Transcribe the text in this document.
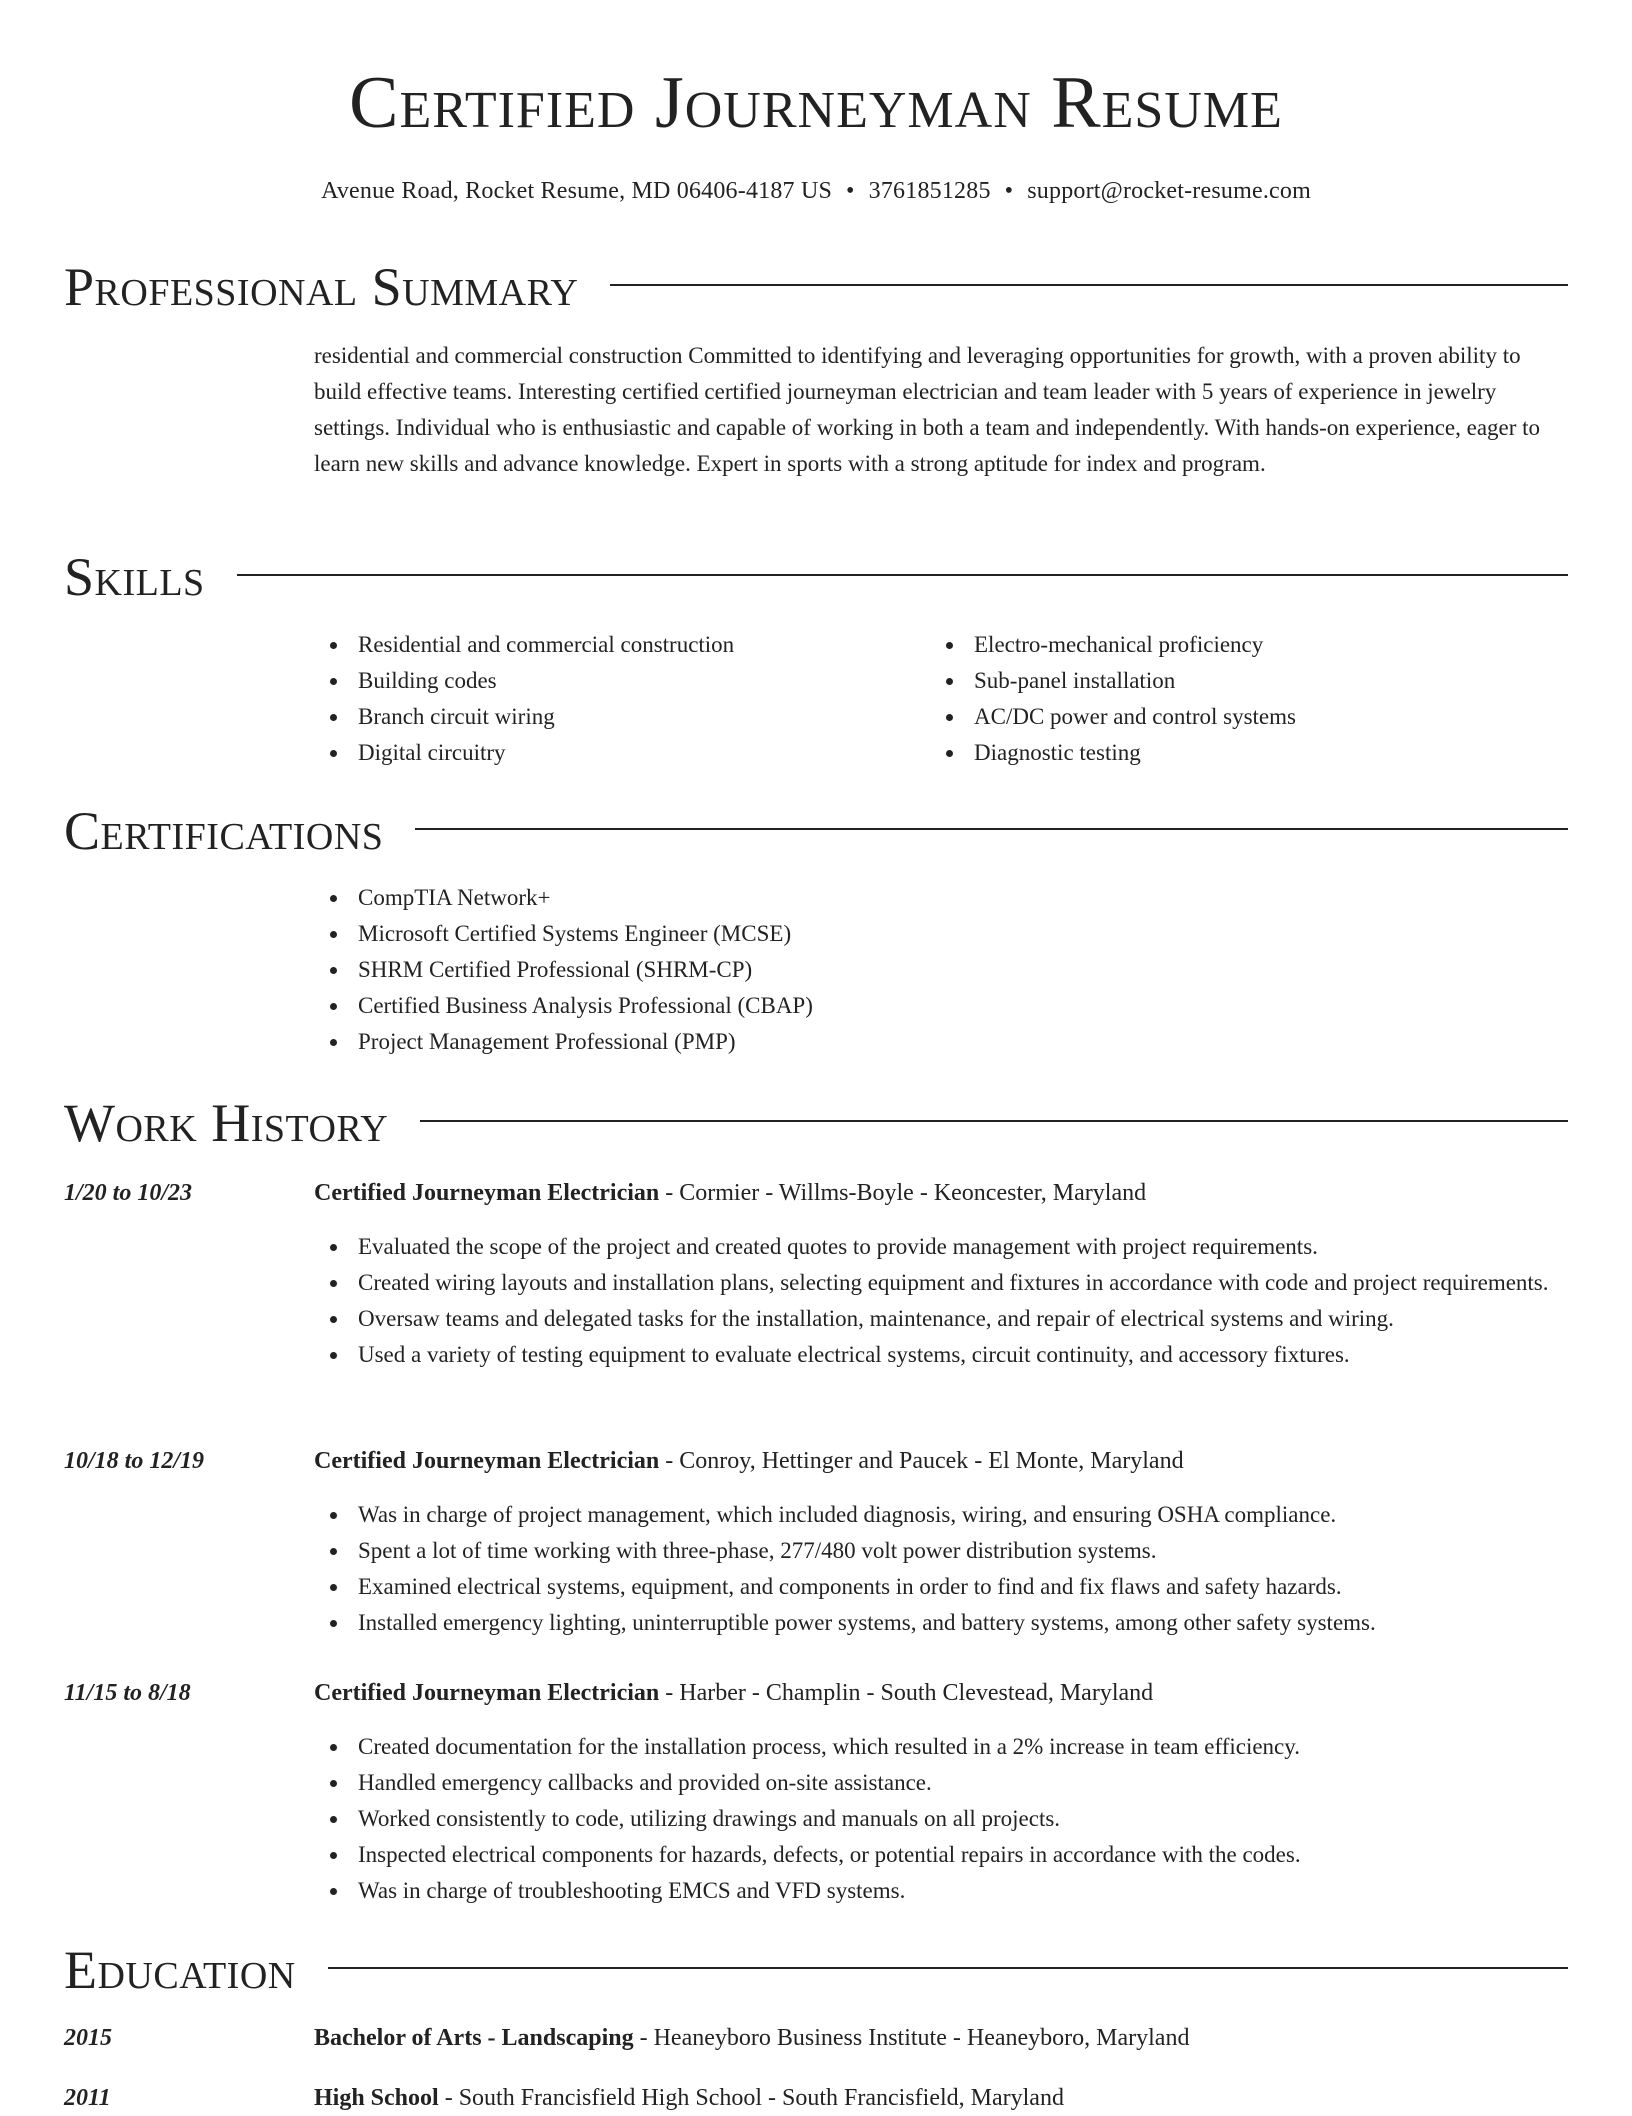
Certified Journeyman Resume
Avenue Road, Rocket Resume, MD 06406-4187 US • 3761851285 • support@rocket-resume.com
Professional Summary

residential and commercial construction Committed to identifying and leveraging opportunities for growth, with a proven ability to build effective teams. Interesting certified certified journeyman electrician and team leader with 5 years of experience in jewelry settings. Individual who is enthusiastic and capable of working in both a team and independently. With hands-on experience, eager to learn new skills and advance knowledge. Expert in sports with a strong aptitude for index and program.

Skills
Residential and commercial construction
Building codes
Branch circuit wiring
Digital circuitry
Electro-mechanical proficiency
Sub-panel installation
AC/DC power and control systems
Diagnostic testing
Certifications
CompTIA Network+
Microsoft Certified Systems Engineer (MCSE)
SHRM Certified Professional (SHRM-CP)
Certified Business Analysis Professional (CBAP)
Project Management Professional (PMP)
Work History
1/20 to 10/23	Certified Journeyman Electrician - Cormier - Willms-Boyle - Keoncester, Maryland
Evaluated the scope of the project and created quotes to provide management with project requirements.
Created wiring layouts and installation plans, selecting equipment and fixtures in accordance with code and project requirements.
Oversaw teams and delegated tasks for the installation, maintenance, and repair of electrical systems and wiring.
Used a variety of testing equipment to evaluate electrical systems, circuit continuity, and accessory fixtures.
10/18 to 12/19	Certified Journeyman Electrician - Conroy, Hettinger and Paucek - El Monte, Maryland
Was in charge of project management, which included diagnosis, wiring, and ensuring OSHA compliance.
Spent a lot of time working with three-phase, 277/480 volt power distribution systems.
Examined electrical systems, equipment, and components in order to find and fix flaws and safety hazards.
Installed emergency lighting, uninterruptible power systems, and battery systems, among other safety systems.
11/15 to 8/18	Certified Journeyman Electrician - Harber - Champlin - South Clevestead, Maryland
Created documentation for the installation process, which resulted in a 2% increase in team efficiency.
Handled emergency callbacks and provided on-site assistance.
Worked consistently to code, utilizing drawings and manuals on all projects.
Inspected electrical components for hazards, defects, or potential repairs in accordance with the codes.
Was in charge of troubleshooting EMCS and VFD systems.
Education
2015	Bachelor of Arts - Landscaping - Heaneyboro Business Institute - Heaneyboro, Maryland
2011	High School - South Francisfield High School - South Francisfield, Maryland
